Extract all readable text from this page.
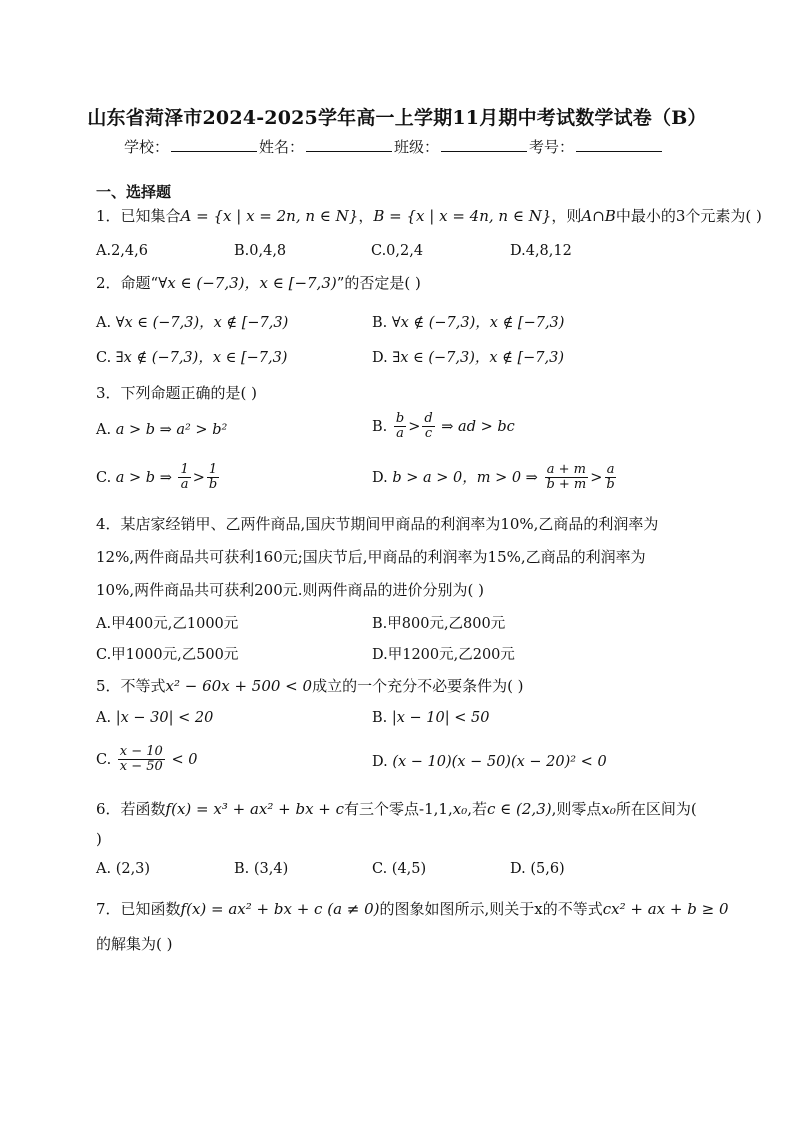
山东省菏泽市2024-2025学年高一上学期11月期中考试数学试卷（B）
学校：	姓名：	班级：	考号：
一、选择题
1．已知集合A = {x | x = 2n, n ∈ N}，B = {x | x = 4n, n ∈ N}，则A∩B中最小的3个元素为( )
A.2,4,6	B.0,4,8	C.0,2,4	D.4,8,12
2．命题“∀x ∈ (−7,3)，x ∈ [−7,3)”的否定是( )
A. ∀x ∈ (−7,3)，x ∉ [−7,3)	B. ∀x ∉ (−7,3)，x ∉ [−7,3)
C. ∃x ∉ (−7,3)，x ∈ [−7,3)	D. ∃x ∈ (−7,3)，x ∉ [−7,3)
3．下列命题正确的是( )
A. a > b ⇒ a² > b²	B. $\frac{b}{a} > \frac{d}{c}$ ⇒ ad > bc
C. a > b ⇒ $\frac{1}{a} > \frac{1}{b}$	D. b > a > 0，m > 0 ⇒ $\frac{a + m}{b + m} > \frac{a}{b}$
4．某店家经销甲、乙两件商品,国庆节期间甲商品的利润率为10%,乙商品的利润率为
12%,两件商品共可获利160元;国庆节后,甲商品的利润率为15%,乙商品的利润率为
10%,两件商品共可获利200元.则两件商品的进价分别为( )
A.甲400元,乙1000元	B.甲800元,乙800元
C.甲1000元,乙500元	D.甲1200元,乙200元
5．不等式x² − 60x + 500 < 0成立的一个充分不必要条件为( )
A. |x − 30| < 20	B. |x − 10| < 50
C. $\frac{x - 10}{x - 50} < 0$	D. (x − 10)(x − 50)(x − 20)² < 0
6．若函数f(x) = x³ + ax² + bx + c有三个零点-1,1,x₀,若c ∈ (2,3),则零点x₀所在区间为(
)
A. (2,3)	B. (3,4)	C. (4,5)	D. (5,6)
7．已知函数f(x) = ax² + bx + c (a ≠ 0)的图象如图所示,则关于x的不等式cx² + ax + b ≥ 0
的解集为( )
